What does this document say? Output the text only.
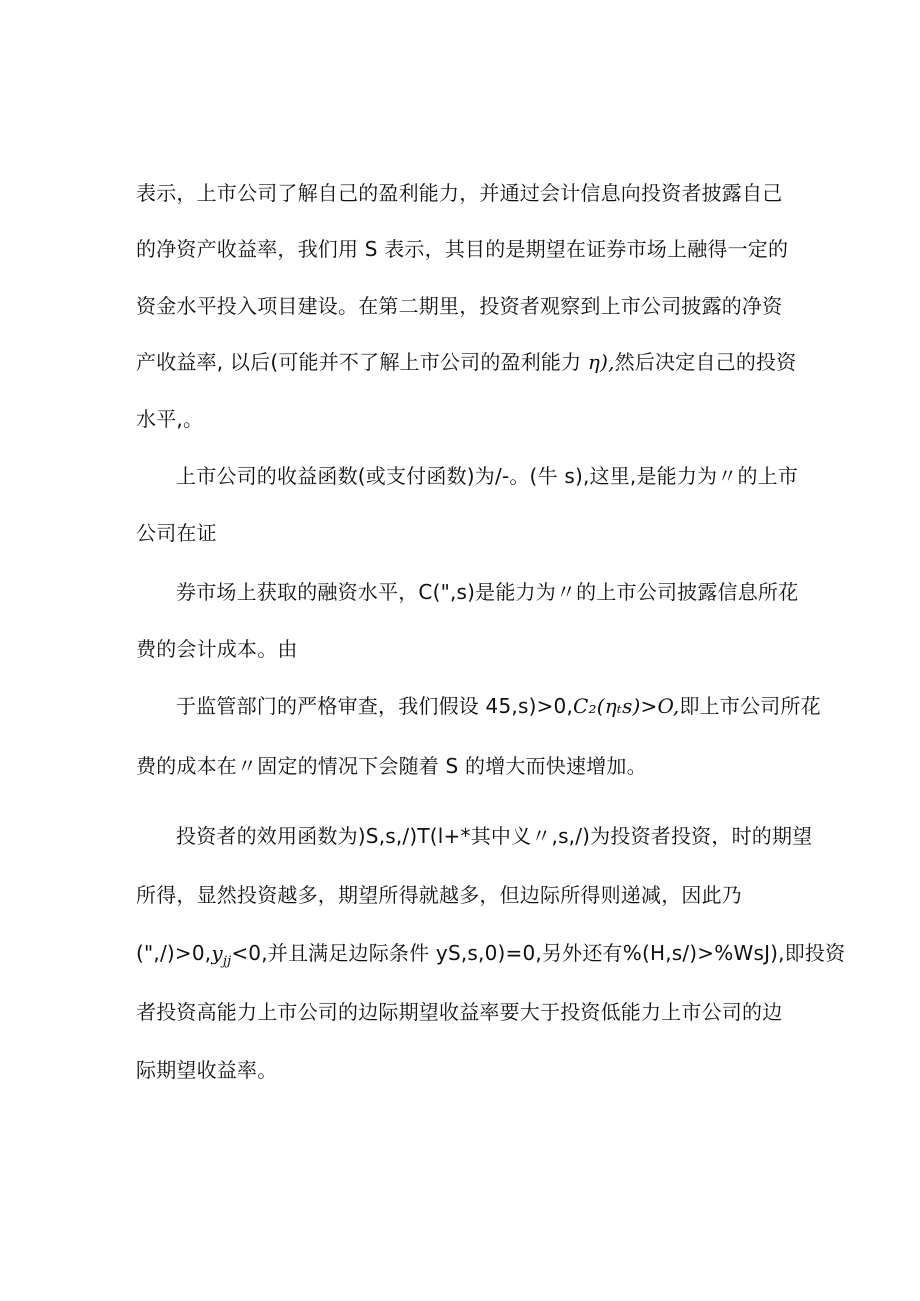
表示，上市公司了解自己的盈利能力，并通过会计信息向投资者披露自己
的净资产收益率，我们用 S 表示，其目的是期望在证券市场上融得一定的
资金水平投入项目建设。在第二期里，投资者观察到上市公司披露的净资
产收益率, 以后(可能并不了解上市公司的盈利能力 η),然后决定自己的投资
水平,。
上市公司的收益函数(或支付函数)为/-。(牛 s),这里,是能力为〃的上市
公司在证
券市场上获取的融资水平，C(",s)是能力为〃的上市公司披露信息所花
费的会计成本。由
于监管部门的严格审查，我们假设 45,s)>0,C₂(ηₜs)>O,即上市公司所花
费的成本在〃固定的情况下会随着 S 的增大而快速增加。
投资者的效用函数为)S,s,/)T(l+*其中义〃,s,/)为投资者投资，时的期望
所得，显然投资越多，期望所得就越多，但边际所得则递减，因此乃
$(",/)>0,y_{jj}<0$,并且满足边际条件 yS,s,0)=0,另外还有%(H,s/)>%WsJ),即投资
者投资高能力上市公司的边际期望收益率要大于投资低能力上市公司的边
际期望收益率。
